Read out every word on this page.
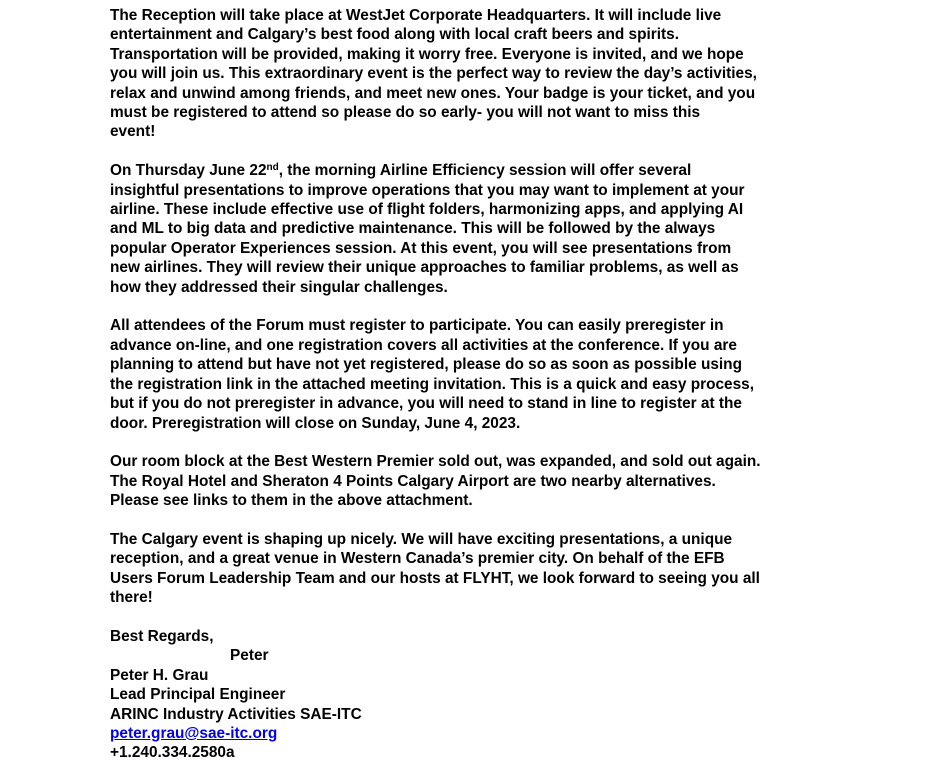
The Reception will take place at WestJet Corporate Headquarters. It will include live
entertainment and Calgary’s best food along with local craft beers and spirits.
Transportation will be provided, making it worry free. Everyone is invited, and we hope
you will join us. This extraordinary event is the perfect way to review the day’s activities,
relax and unwind among friends, and meet new ones. Your badge is your ticket, and you
must be registered to attend so please do so early- you will not want to miss this
event!

On Thursday June 22nd, the morning Airline Efficiency session will offer several
insightful presentations to improve operations that you may want to implement at your
airline. These include effective use of flight folders, harmonizing apps, and applying AI
and ML to big data and predictive maintenance. This will be followed by the always
popular Operator Experiences session. At this event, you will see presentations from
new airlines. They will review their unique approaches to familiar problems, as well as
how they addressed their singular challenges.

All attendees of the Forum must register to participate. You can easily preregister in
advance on-line, and one registration covers all activities at the conference. If you are
planning to attend but have not yet registered, please do so as soon as possible using
the registration link in the attached meeting invitation. This is a quick and easy process,
but if you do not preregister in advance, you will need to stand in line to register at the
door. Preregistration will close on Sunday, June 4, 2023.

Our room block at the Best Western Premier sold out, was expanded, and sold out again.
The Royal Hotel and Sheraton 4 Points Calgary Airport are two nearby alternatives.
Please see links to them in the above attachment.

The Calgary event is shaping up nicely. We will have exciting presentations, a unique
reception, and a great venue in Western Canada’s premier city. On behalf of the EFB
Users Forum Leadership Team and our hosts at FLYHT, we look forward to seeing you all
there!

Best Regards,
Peter
Peter H. Grau
Lead Principal Engineer
ARINC Industry Activities SAE-ITC
peter.grau@sae-itc.org
+1.240.334.2580a
